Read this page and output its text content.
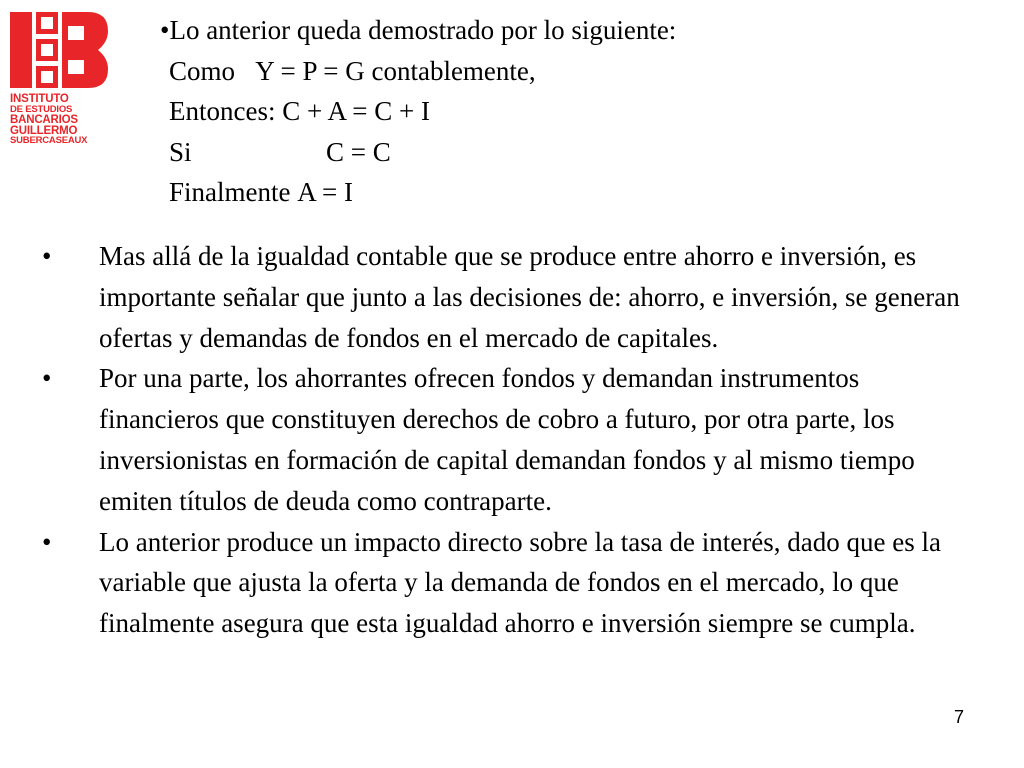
INSTITUTO
DE ESTUDIOS
BANCARIOS
GUILLERMO
SUBERCASEAUX
•Lo anterior queda demostrado por lo siguiente:
Como Y = P = G contablemente,
Entonces: C + A = C + I
Si	C = C
Finalmente A = I
• Mas allá de la igualdad contable que se produce entre ahorro e inversión, es importante señalar que junto a las decisiones de: ahorro, e inversión, se generan ofertas y demandas de fondos en el mercado de capitales.
• Por una parte, los ahorrantes ofrecen fondos y demandan instrumentos financieros que constituyen derechos de cobro a futuro, por otra parte, los inversionistas en formación de capital demandan fondos y al mismo tiempo emiten títulos de deuda como contraparte.
• Lo anterior produce un impacto directo sobre la tasa de interés, dado que es la variable que ajusta la oferta y la demanda de fondos en el mercado, lo que finalmente asegura que esta igualdad ahorro e inversión siempre se cumpla.
7
